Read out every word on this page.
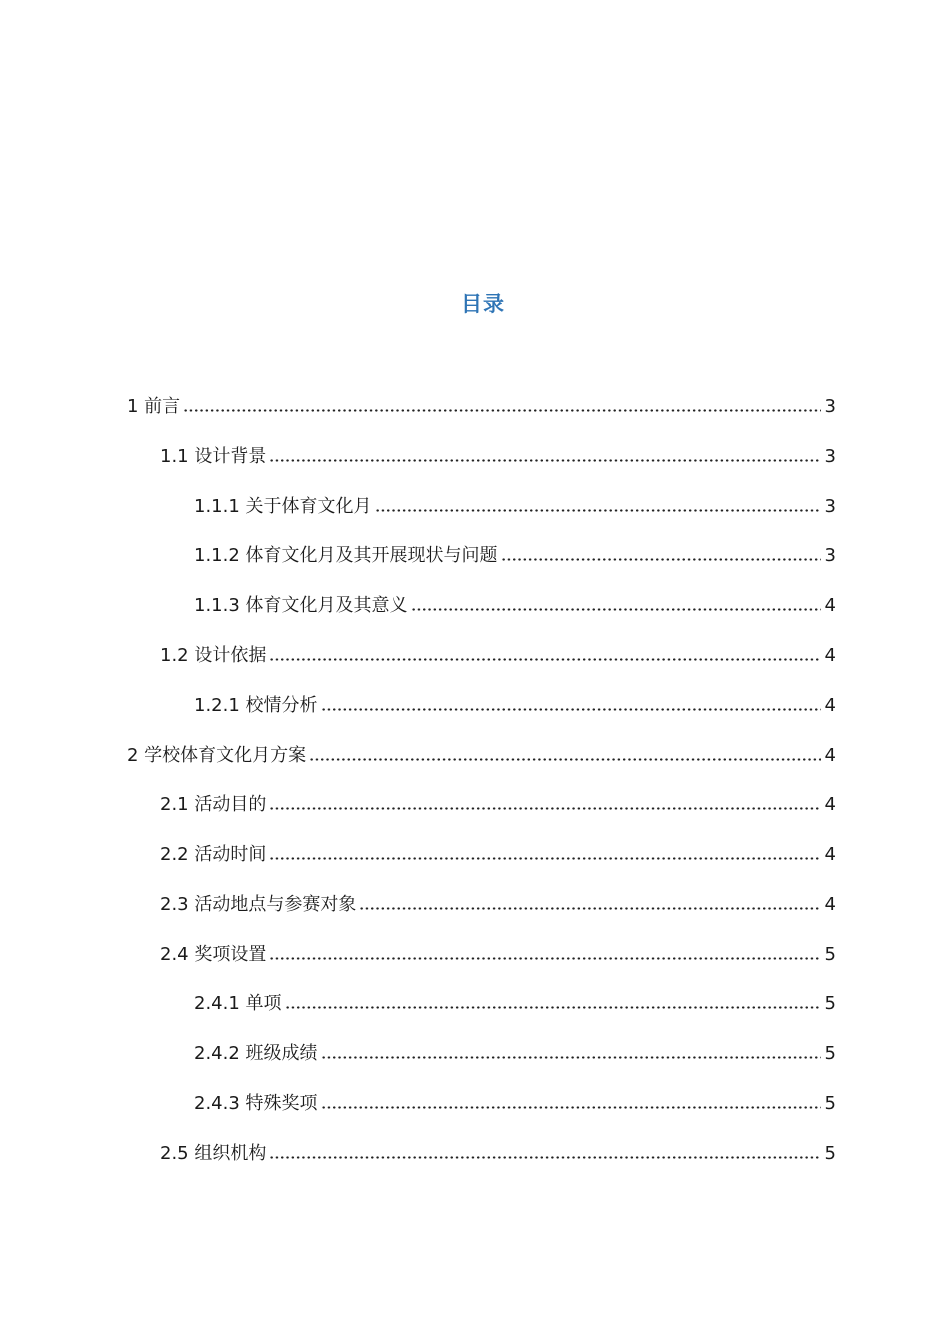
目录
1 前言	3
1.1 设计背景	3
1.1.1 关于体育文化月	3
1.1.2 体育文化月及其开展现状与问题	3
1.1.3 体育文化月及其意义	4
1.2 设计依据	4
1.2.1 校情分析	4
2 学校体育文化月方案	4
2.1 活动目的	4
2.2 活动时间	4
2.3 活动地点与参赛对象	4
2.4 奖项设置	5
2.4.1 单项	5
2.4.2 班级成绩	5
2.4.3 特殊奖项	5
2.5 组织机构	5
